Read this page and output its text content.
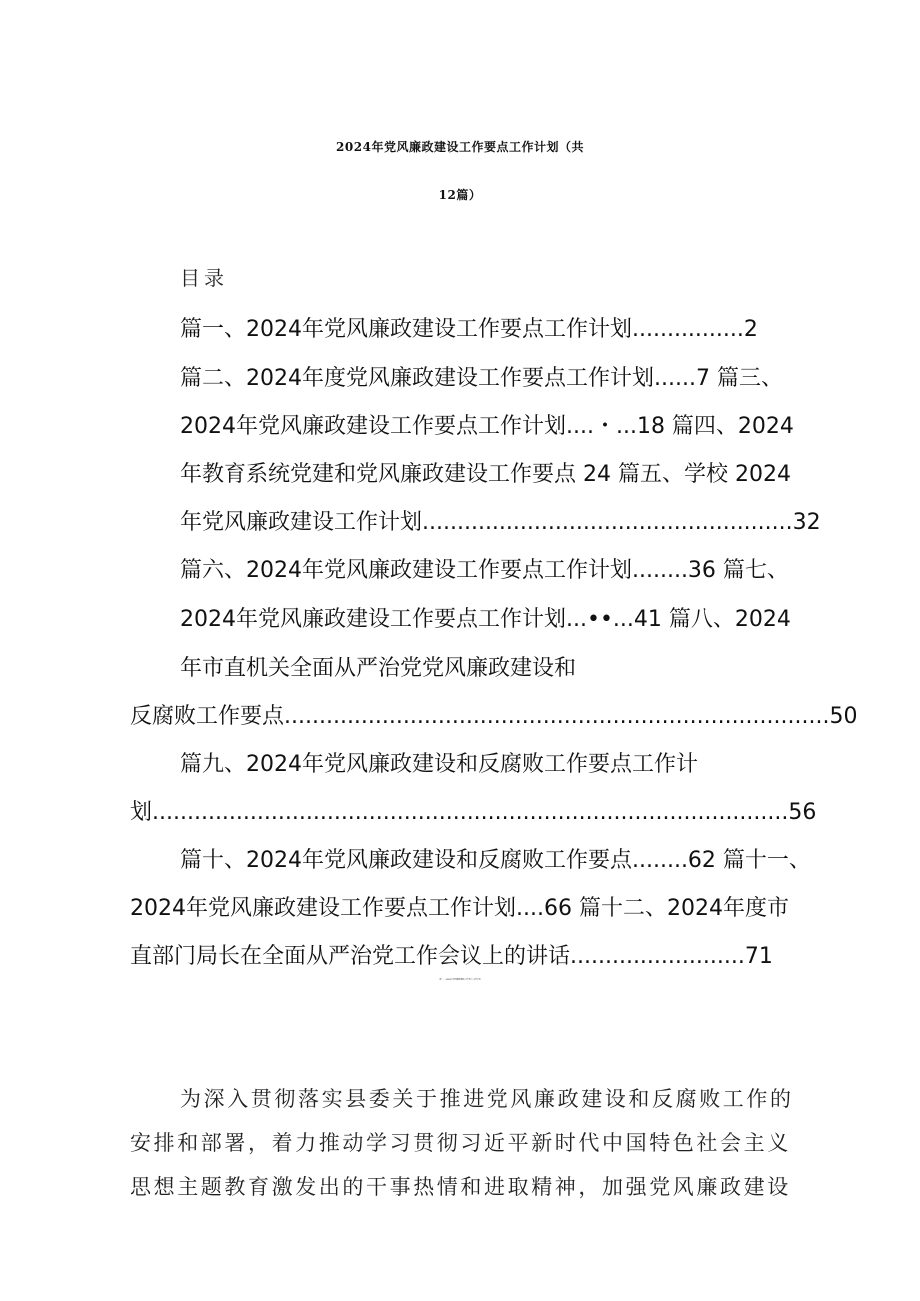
2024年党风廉政建设工作要点工作计划（共
12篇）
目录
篇一、2024年党风廉政建设工作要点工作计划................2
篇二、2024年度党风廉政建设工作要点工作计划......7 篇三、
2024年党风廉政建设工作要点工作计划....・...18 篇四、2024
年教育系统党建和党风廉政建设工作要点 24 篇五、学校 2024
年党风廉政建设工作计划.....................................................32
篇六、2024年党风廉政建设工作要点工作计划........36 篇七、
2024年党风廉政建设工作要点工作计划...••...41 篇八、2024
年市直机关全面从严治党党风廉政建设和
反腐败工作要点..............................................................................50
篇九、2024年党风廉政建设和反腐败工作要点工作计
划...........................................................................................56
篇十、2024年党风廉政建设和反腐败工作要点........62 篇十一、
2024年党风廉政建设工作要点工作计划....66 篇十二、2024年度市
直部门局长在全面从严治党工作会议上的讲话.........................71
篇一、2024年党风廉政建设工作要点工作计划
为深入贯彻落实县委关于推进党风廉政建设和反腐败工作的
安排和部署，着力推动学习贯彻习近平新时代中国特色社会主义
思想主题教育激发出的干事热情和进取精神，加强党风廉政建设
